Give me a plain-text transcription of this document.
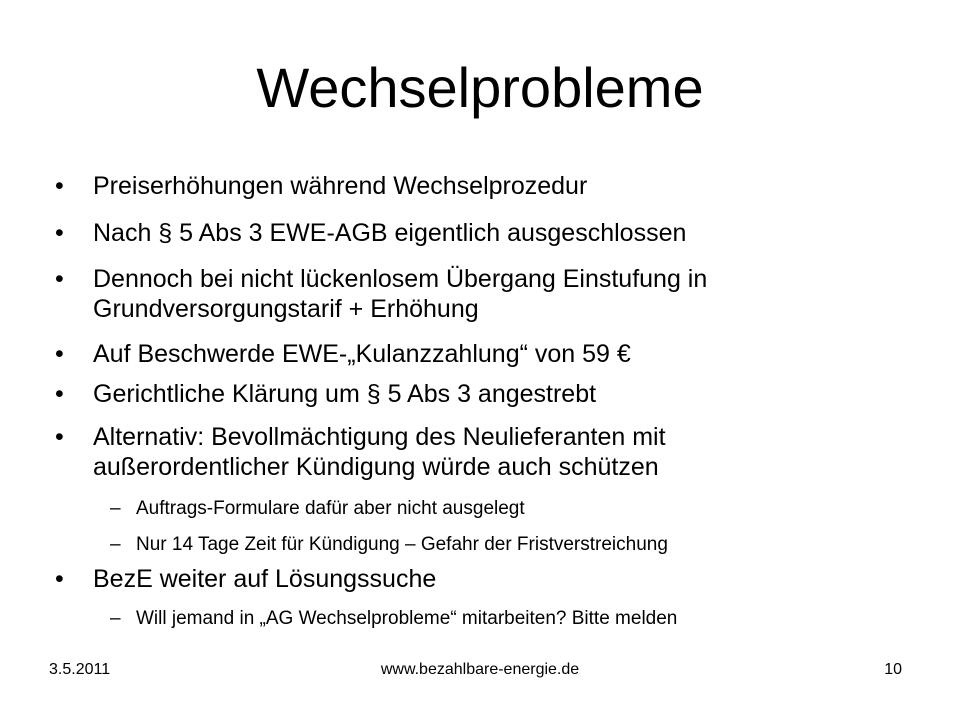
Wechselprobleme
•	Preiserhöhungen während Wechselprozedur
•	Nach § 5 Abs 3 EWE-AGB eigentlich ausgeschlossen
•	Dennoch bei nicht lückenlosem Übergang Einstufung in
Grundversorgungstarif + Erhöhung
•	Auf Beschwerde EWE-„Kulanzzahlung“ von 59 €
•	Gerichtliche Klärung um § 5 Abs 3 angestrebt
•	Alternativ: Bevollmächtigung des Neulieferanten mit
außerordentlicher Kündigung würde auch schützen
– Auftrags-Formulare dafür aber nicht ausgelegt
– Nur 14 Tage Zeit für Kündigung – Gefahr der Fristverstreichung
•	BezE weiter auf Lösungssuche
– Will jemand in „AG Wechselprobleme“ mitarbeiten? Bitte melden
3.5.2011	www.bezahlbare-energie.de	10
